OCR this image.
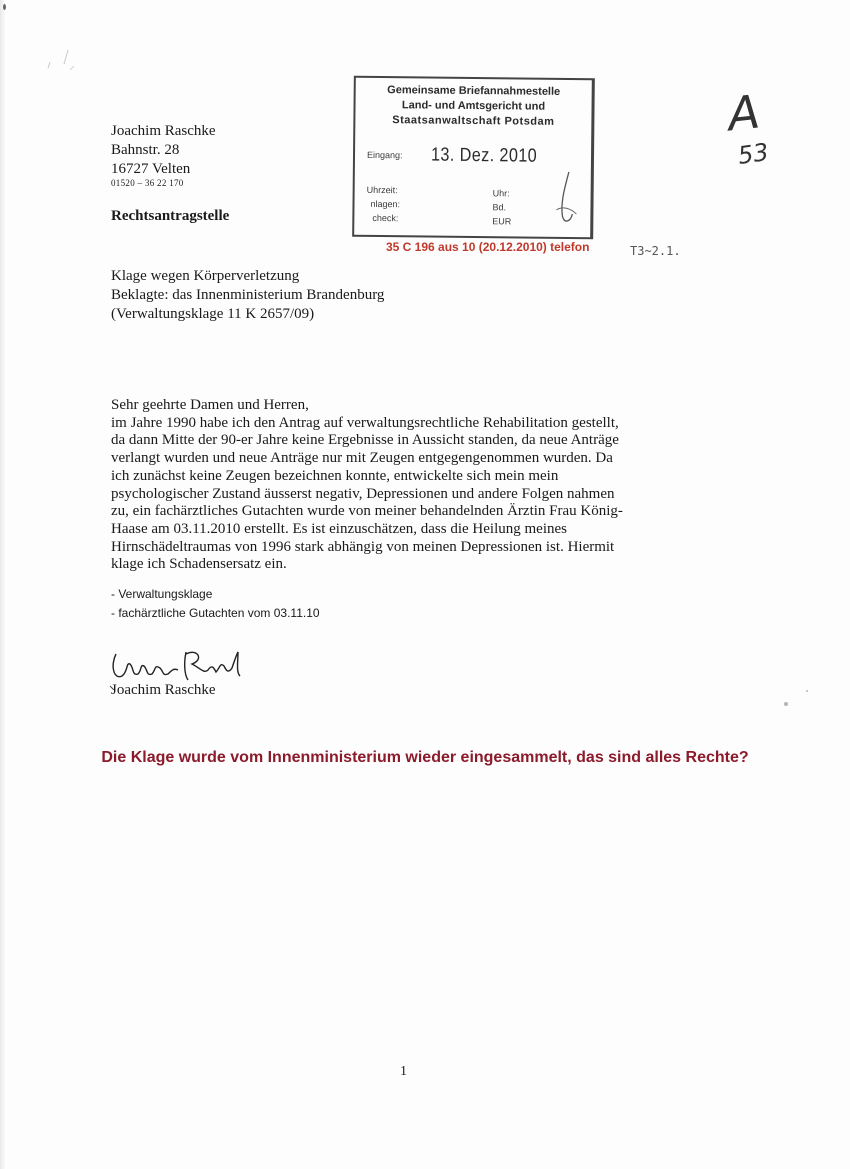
Joachim Raschke
Bahnstr. 28
16727 Velten
01520 – 36 22 170
Rechtsantragstelle
Gemeinsame Briefannahmestelle
Land- und Amtsgericht und
Staatsanwaltschaft Potsdam
Eingang: 13. Dez. 2010
Uhrzeit:	Uhr:
nlagen:	Bd.
check:	EUR
A
53
35 C 196 aus 10 (20.12.2010) telefon	T3~2.1.
Klage wegen Körperverletzung
Beklagte: das Innenministerium Brandenburg
(Verwaltungsklage 11 K 2657/09)

Sehr geehrte Damen und Herren,

im Jahre 1990 habe ich den Antrag auf verwaltungsrechtliche Rehabilitation gestellt,

da dann Mitte der 90-er Jahre keine Ergebnisse in Aussicht standen, da neue Anträge

verlangt wurden und neue Anträge nur mit Zeugen entgegengenommen wurden. Da

ich zunächst keine Zeugen bezeichnen konnte, entwickelte sich mein mein

psychologischer Zustand äusserst negativ, Depressionen und andere Folgen nahmen

zu, ein fachärztliches Gutachten wurde von meiner behandelnden Ärztin Frau König-

Haase am 03.11.2010 erstellt. Es ist einzuschätzen, dass die Heilung meines

Hirnschädeltraumas von 1996 stark abhängig von meinen Depressionen ist. Hiermit

klage ich Schadensersatz ein.

- Verwaltungsklage
- fachärztliche Gutachten vom 03.11.10
Joachim Raschke
Die Klage wurde vom Innenministerium wieder eingesammelt, das sind alles Rechte?
1
